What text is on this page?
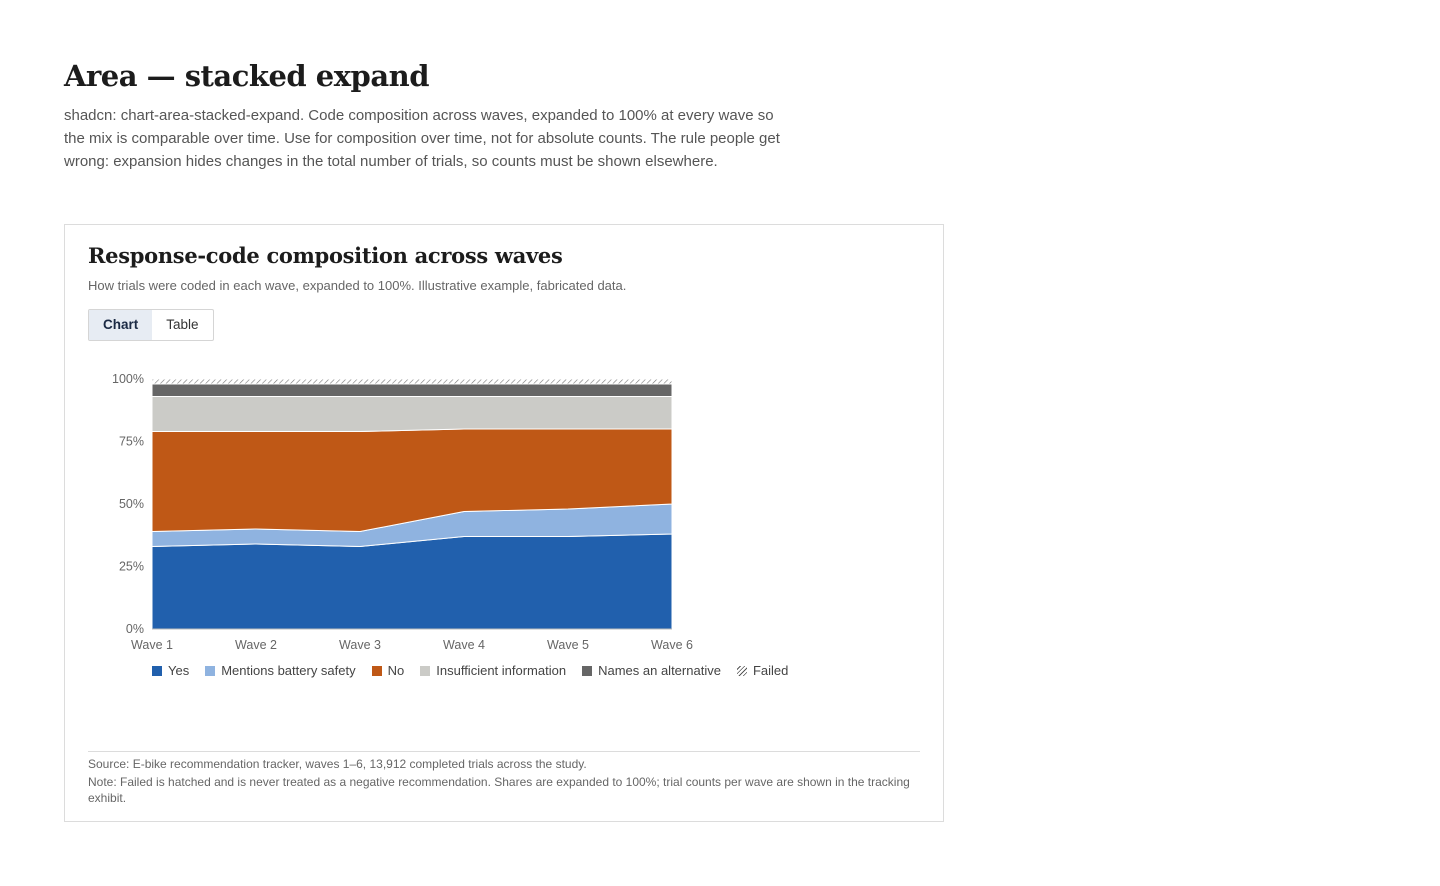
Area — stacked expand
shadcn: chart-area-stacked-expand. Code composition across waves, expanded to 100% at every wave so the mix is comparable over time. Use for composition over time, not for absolute counts. The rule people get wrong: expansion hides changes in the total number of trials, so counts must be shown elsewhere.
Response-code composition across waves
How trials were coded in each wave, expanded to 100%. Illustrative example, fabricated data.
Chart	Table
0%
25%
50%
75%
100%
Wave 1	Wave 2	Wave 3	Wave 4	Wave 5	Wave 6
Yes Mentions battery safety No Insufficient information Names an alternative Failed

Source: E-bike recommendation tracker, waves 1–6, 13,912 completed trials across the study.

Note: Failed is hatched and is never treated as a negative recommendation. Shares are expanded to 100%; trial counts per wave are shown in the tracking exhibit.
